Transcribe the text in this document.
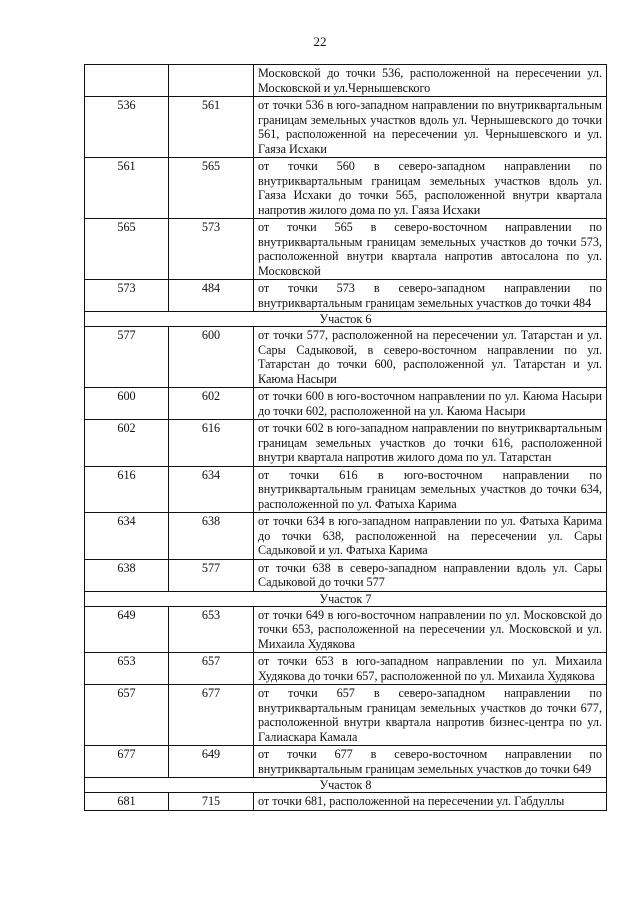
22
		Московской до точки 536, расположенной на пересечении ул. Московской и ул.Чернышевского
536	561	от точки 536 в юго-западном направлении по внутриквартальным границам земельных участков вдоль ул. Чернышевского до точки 561, расположенной на пересечении ул. Чернышевского и ул. Гаяза Исхаки
561	565	от точки 560 в северо-западном направлении по внутриквартальным границам земельных участков вдоль ул. Гаяза Исхаки до точки 565, расположенной внутри квартала напротив жилого дома по ул. Гаяза Исхаки
565	573	от точки 565 в северо-восточном направлении по внутриквартальным границам земельных участков до точки 573, расположенной внутри квартала напротив автосалона по ул. Московской
573	484	от точки 573 в северо-западном направлении по внутриквартальным границам земельных участков до точки 484
Участок 6		
577	600	от точки 577, расположенной на пересечении ул. Татарстан и ул. Сары Садыковой, в северо-восточном направлении по ул. Татарстан до точки 600, расположенной ул. Татарстан и ул. Каюма Насыри
600	602	от точки 600 в юго-восточном направлении по ул. Каюма Насыри до точки 602, расположенной на ул. Каюма Насыри
602	616	от точки 602 в юго-западном направлении по внутриквартальным границам земельных участков до точки 616, расположенной внутри квартала напротив жилого дома по ул. Татарстан
616	634	от точки 616 в юго-восточном направлении по внутриквартальным границам земельных участков до точки 634, расположенной по ул. Фатыха Карима
634	638	от точки 634 в юго-западном направлении по ул. Фатыха Карима до точки 638, расположенной на пересечении ул. Сары Садыковой и ул. Фатыха Карима
638	577	от точки 638 в северо-западном направлении вдоль ул. Сары Садыковой до точки 577
Участок 7		
649	653	от точки 649 в юго-восточном направлении по ул. Московской до точки 653, расположенной на пересечении ул. Московской и ул. Михаила Худякова
653	657	от точки 653 в юго-западном направлении по ул. Михаила Худякова до точки 657, расположенной по ул. Михаила Худякова
657	677	от точки 657 в северо-западном направлении по внутриквартальным границам земельных участков до точки 677, расположенной внутри квартала напротив бизнес-центра по ул. Галиаскара Камала
677	649	от точки 677 в северо-восточном направлении по внутриквартальным границам земельных участков до точки 649
Участок 8		
681	715	от точки 681, расположенной на пересечении ул. Габдуллы
